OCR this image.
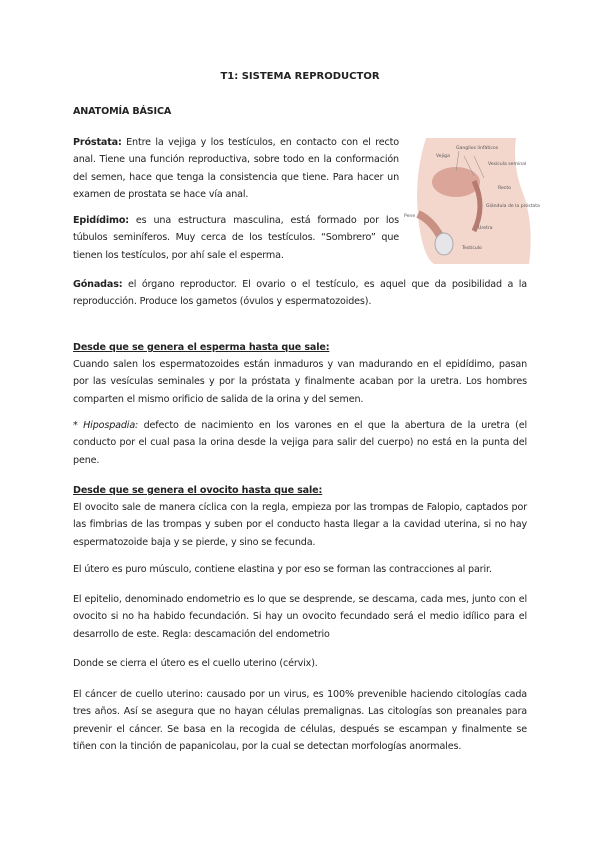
T1: SISTEMA REPRODUCTOR

ANATOMÍA BÁSICA

Próstata: Entre la vejiga y los testículos, en contacto con el recto anal. Tiene una función reproductiva, sobre todo en la conformación del semen, hace que tenga la consistencia que tiene. Para hacer un examen de prostata se hace vía anal.

Ganglios linfáticos
Vejiga
Vesícula seminal
Recto
Glándula de la próstata
Pene
Uretra
Testículo

Epidídimo: es una estructura masculina, está formado por los túbulos seminíferos. Muy cerca de los testículos. “Sombrero” que tienen los testículos, por ahí sale el esperma.

Gónadas: el órgano reproductor. El ovario o el testículo, es aquel que da posibilidad a la reproducción. Produce los gametos (óvulos y espermatozoides).

Desde que se genera el esperma hasta que sale:

Cuando salen los espermatozoides están inmaduros y van madurando en el epidídimo, pasan por las vesículas seminales y por la próstata y finalmente acaban por la uretra. Los hombres comparten el mismo orificio de salida de la orina y del semen.

* Hipospadia: defecto de nacimiento en los varones en el que la abertura de la uretra (el conducto por el cual pasa la orina desde la vejiga para salir del cuerpo) no está en la punta del pene.

Desde que se genera el ovocito hasta que sale:

El ovocito sale de manera cíclica con la regla, empieza por las trompas de Falopio, captados por las fimbrias de las trompas y suben por el conducto hasta llegar a la cavidad uterina, si no hay espermatozoide baja y se pierde, y sino se fecunda.

El útero es puro músculo, contiene elastina y por eso se forman las contracciones al parir.

El epitelio, denominado endometrio es lo que se desprende, se descama, cada mes, junto con el ovocito si no ha habido fecundación. Si hay un ovocito fecundado será el medio idílico para el desarrollo de este. Regla: descamación del endometrio

Donde se cierra el útero es el cuello uterino (cérvix).

El cáncer de cuello uterino: causado por un virus, es 100% prevenible haciendo citologías cada tres años. Así se asegura que no hayan células premalignas. Las citologías son preanales para prevenir el cáncer. Se basa en la recogida de células, después se escampan y finalmente se tiñen con la tinción de papanicolau, por la cual se detectan morfologías anormales.
